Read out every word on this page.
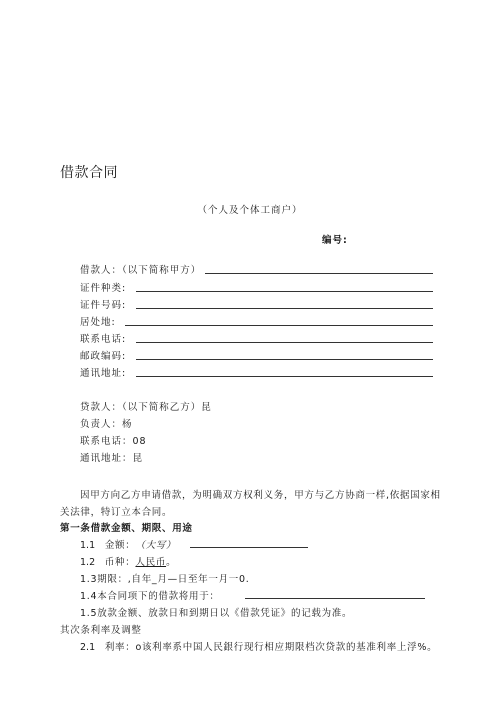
借款合同
（个人及个体工商户）
编号:
借款人：（以下简称甲方）
证件种类:
证件号码:
居处地:
联系电话:
邮政编码:
通讯地址:
贷款人：（以下简称乙方）昆
负责人：杨
联系电话：08
通讯地址：昆
因甲方向乙方申请借款，为明确双方权利义务，甲方与乙方协商一样,依据国家相
关法律，特订立本合同。
第一条借款金额、期限、用途
1.1 金额：（大写）
1.2 币种：人民币。
1.3期限：,自年_月—日至年一月一0.
1.4本合同项下的借款将用于：
1.5放款金额、放款日和到期日以《借款凭证》的记载为准。
其次条利率及调整
2.1 利率：o该利率系中国人民銀行现行相应期限档次贷款的基准利率上浮%。
